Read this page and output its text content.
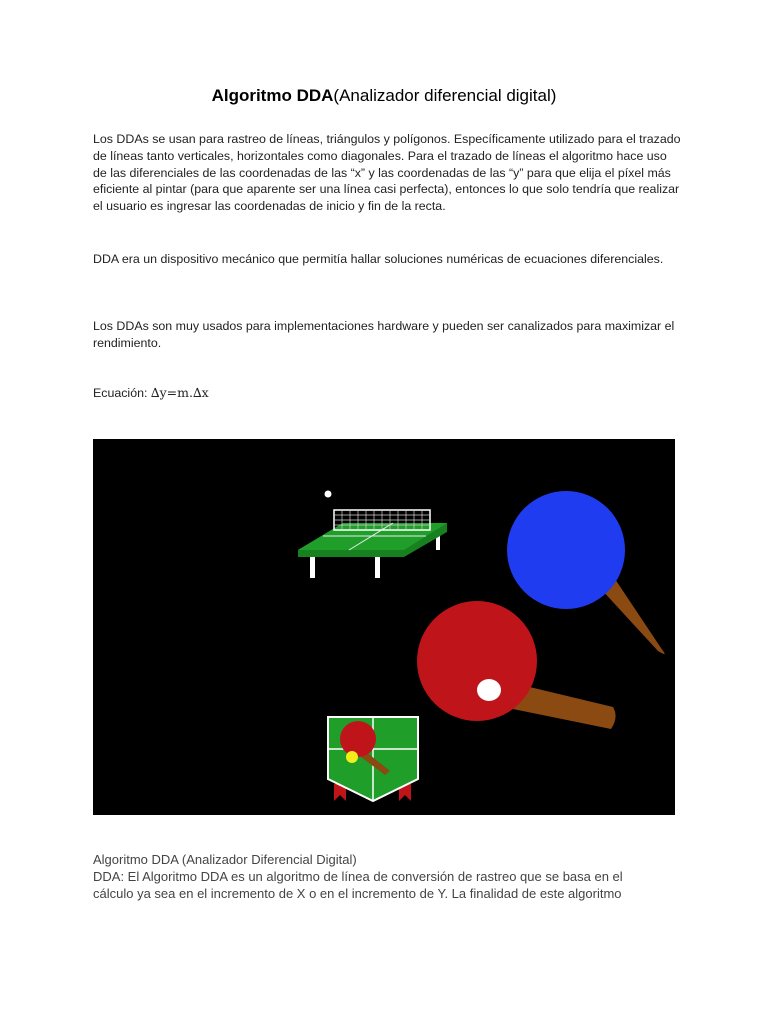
Algoritmo DDA(Analizador diferencial digital)

Los DDAs se usan para rastreo de líneas, triángulos y polígonos. Específicamente utilizado para el trazado de líneas tanto verticales, horizontales como diagonales. Para el trazado de líneas el algoritmo hace uso de las diferenciales de las coordenadas de las “x” y las coordenadas de las “y” para que elija el píxel más eficiente al pintar (para que aparente ser una línea casi perfecta), entonces lo que solo tendría que realizar el usuario es ingresar las coordenadas de inicio y fin de la recta.

DDA era un dispositivo mecánico que permitía hallar soluciones numéricas de ecuaciones diferenciales.

Los DDAs son muy usados para implementaciones hardware y pueden ser canalizados para maximizar el rendimiento.

Ecuación: ∆y=m.∆x

Algoritmo DDA (Analizador Diferencial Digital)
DDA: El Algoritmo DDA es un algoritmo de línea de conversión de rastreo que se basa en el
cálculo ya sea en el incremento de X o en el incremento de Y. La finalidad de este algoritmo
